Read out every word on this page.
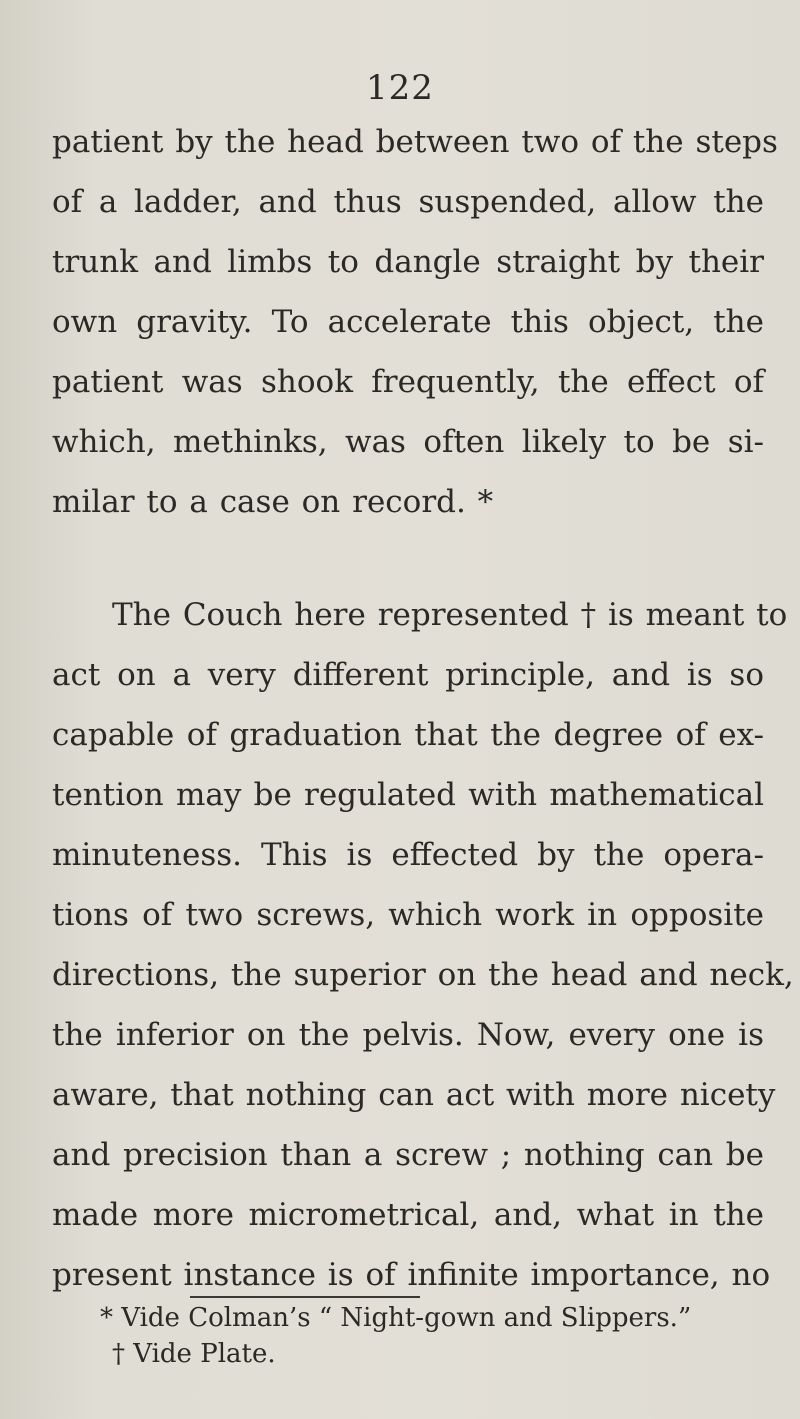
122

patient by the head between two of the steps
of a ladder, and thus suspended, allow the
trunk and limbs to dangle straight by their
own gravity. To accelerate this object, the
patient was shook frequently, the effect of
which, methinks, was often likely to be si-
milar to a case on record. *

The Couch here represented † is meant to
act on a very different principle, and is so
capable of graduation that the degree of ex-
tention may be regulated with mathematical
minuteness. This is effected by the opera-
tions of two screws, which work in opposite
directions, the superior on the head and neck,
the inferior on the pelvis. Now, every one is
aware, that nothing can act with more nicety
and precision than a screw ; nothing can be
made more micrometrical, and, what in the
present instance is of infinite importance, no

* Vide Colman’s “ Night-gown and Slippers.”
† Vide Plate.
